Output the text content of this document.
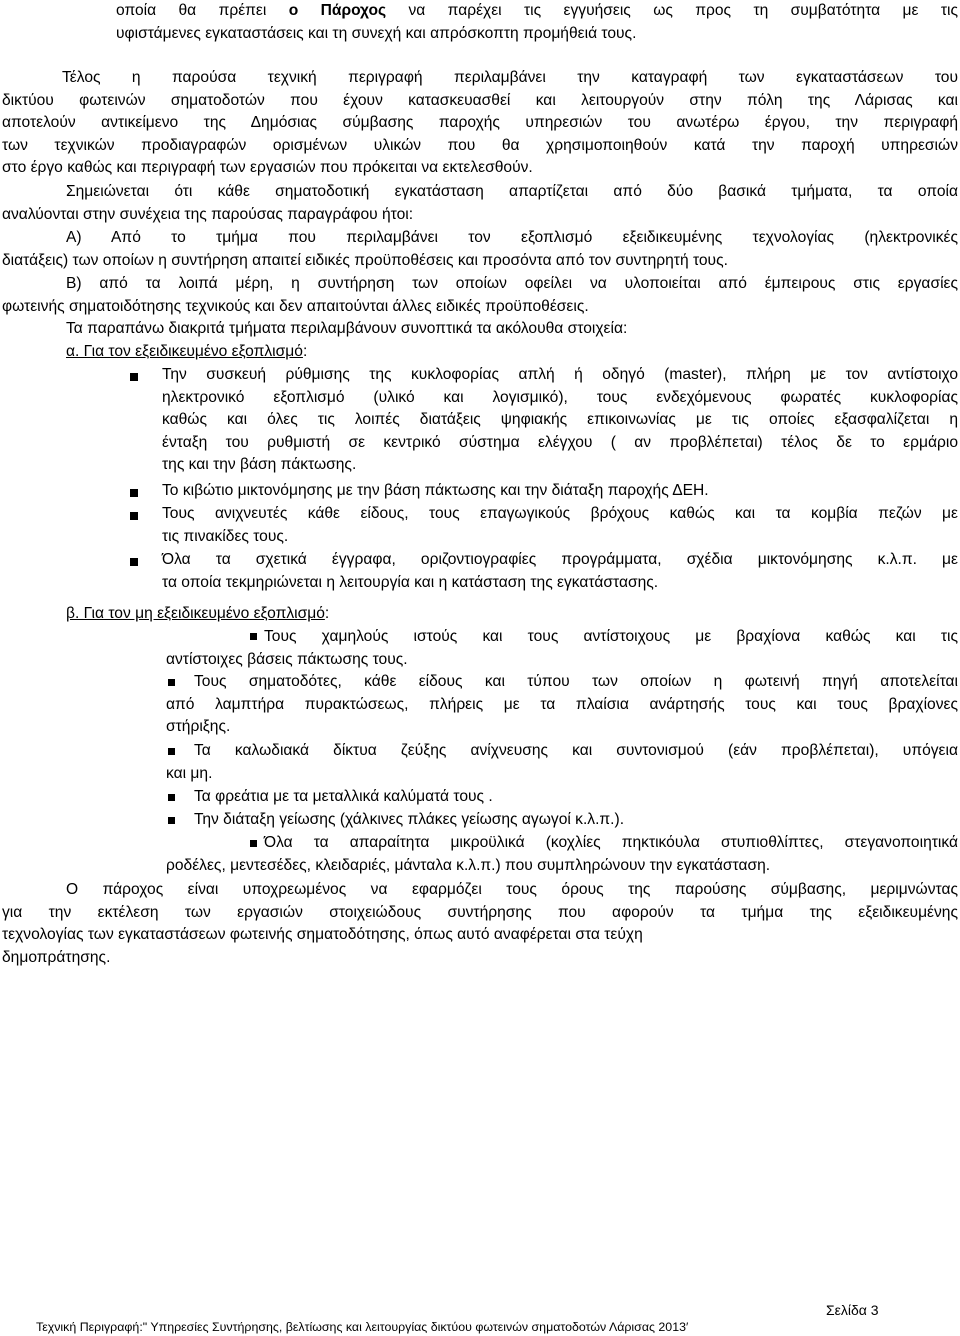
οποία θα πρέπει ο Πάροχος να παρέχει τις εγγυήσεις ως προς τη συμβατότητα με τις
υφιστάμενες εγκαταστάσεις και τη συνεχή και απρόσκοπτη προμήθειά τους.
Τέλος η παρούσα τεχνική περιγραφή περιλαμβάνει την καταγραφή των εγκαταστάσεων του
δικτύου φωτεινών σηματοδοτών που έχουν κατασκευασθεί και λειτουργούν στην πόλη της Λάρισας και
αποτελούν αντικείμενο της Δημόσιας σύμβασης παροχής υπηρεσιών του ανωτέρω έργου, την περιγραφή
των τεχνικών προδιαγραφών ορισμένων υλικών που θα χρησιμοποιηθούν κατά την παροχή υπηρεσιών
στο έργο καθώς και περιγραφή των εργασιών που πρόκειται να εκτελεσθούν.
Σημειώνεται ότι κάθε σηματοδοτική εγκατάσταση απαρτίζεται από δύο βασικά τμήματα, τα οποία
αναλύονται στην συνέχεια της παρούσας παραγράφου ήτοι:
Α) Από το τμήμα που περιλαμβάνει τον εξοπλισμό εξειδικευμένης τεχνολογίας (ηλεκτρονικές
διατάξεις) των οποίων η συντήρηση απαιτεί ειδικές προϋποθέσεις και προσόντα από τον συντηρητή τους.
Β) από τα λοιπά μέρη, η συντήρηση των οποίων οφείλει να υλοποιείται από έμπειρους στις εργασίες
φωτεινής σηματοιδότησης τεχνικούς και δεν απαιτούνται άλλες ειδικές προϋποθέσεις.
Τα παραπάνω διακριτά τμήματα περιλαμβάνουν συνοπτικά τα ακόλουθα στοιχεία:
α. Για τον εξειδικευμένο εξοπλισμό:
Την συσκευή ρύθμισης της κυκλοφορίας απλή ή οδηγό (master), πλήρη με τον αντίστοιχο
ηλεκτρονικό εξοπλισμό (υλικό και λογισμικό), τους ενδεχόμενους φωρατές κυκλοφορίας
καθώς και όλες τις λοιπές διατάξεις ψηφιακής επικοινωνίας με τις οποίες εξασφαλίζεται η
ένταξη του ρυθμιστή σε κεντρικό σύστημα ελέγχου ( αν προβλέπεται) τέλος δε το ερμάριο
της και την βάση πάκτωσης.
Το κιβώτιο μικτονόμησης με την βάση πάκτωσης και την διάταξη παροχής ΔΕΗ.
Τους ανιχνευτές κάθε είδους, τους επαγωγικούς βρόχους καθώς και τα κομβία πεζών με
τις πινακίδες τους.
Όλα τα σχετικά έγγραφα, οριζοντιογραφίες προγράμματα, σχέδια μικτονόμησης κ.λ.π. με
τα οποία τεκμηριώνεται η λειτουργία και η κατάσταση της εγκατάστασης.
β. Για τον μη εξειδικευμένο εξοπλισμό:
Τους χαμηλούς ιστούς και τους αντίστοιχους με βραχίονα καθώς και τις
αντίστοιχες βάσεις πάκτωσης τους.
Τους σηματοδότες, κάθε είδους και τύπου των οποίων η φωτεινή πηγή αποτελείται
από λαμπτήρα πυρακτώσεως, πλήρεις με τα πλαίσια ανάρτησής τους και τους βραχίονες
στήριξης.
Τα καλωδιακά δίκτυα ζεύξης ανίχνευσης και συντονισμού (εάν προβλέπεται), υπόγεια
και μη.
Τα φρεάτια με τα μεταλλικά καλύματά τους .
Την διάταξη γείωσης (χάλκινες πλάκες γείωσης αγωγοί κ.λ.π.).
Όλα τα απαραίτητα μικροϋλικά (κοχλίες πηκτικόυλα στυπιοθλίπτες, στεγανοποιητικά
ροδέλες, μεντεσέδες, κλειδαριές, μάνταλα κ.λ.π.) που συμπληρώνουν την εγκατάσταση.
Ο πάροχος είναι υποχρεωμένος να εφαρμόζει τους όρους της παρούσης σύμβασης, μεριμνώντας
για την εκτέλεση των εργασιών στοιχειώδους συντήρησης που αφορούν τα τμήμα της εξειδικευμένης
τεχνολογίας των εγκαταστάσεων φωτεινής σηματοδότησης, όπως αυτό αναφέρεται στα τεύχη
δημοπράτησης.
Σελίδα 3
Τεχνική Περιγραφή:" Υπηρεσίες Συντήρησης, βελτίωσης και λειτουργίας δικτύου φωτεινών σηματοδοτών Λάρισας 2013′
